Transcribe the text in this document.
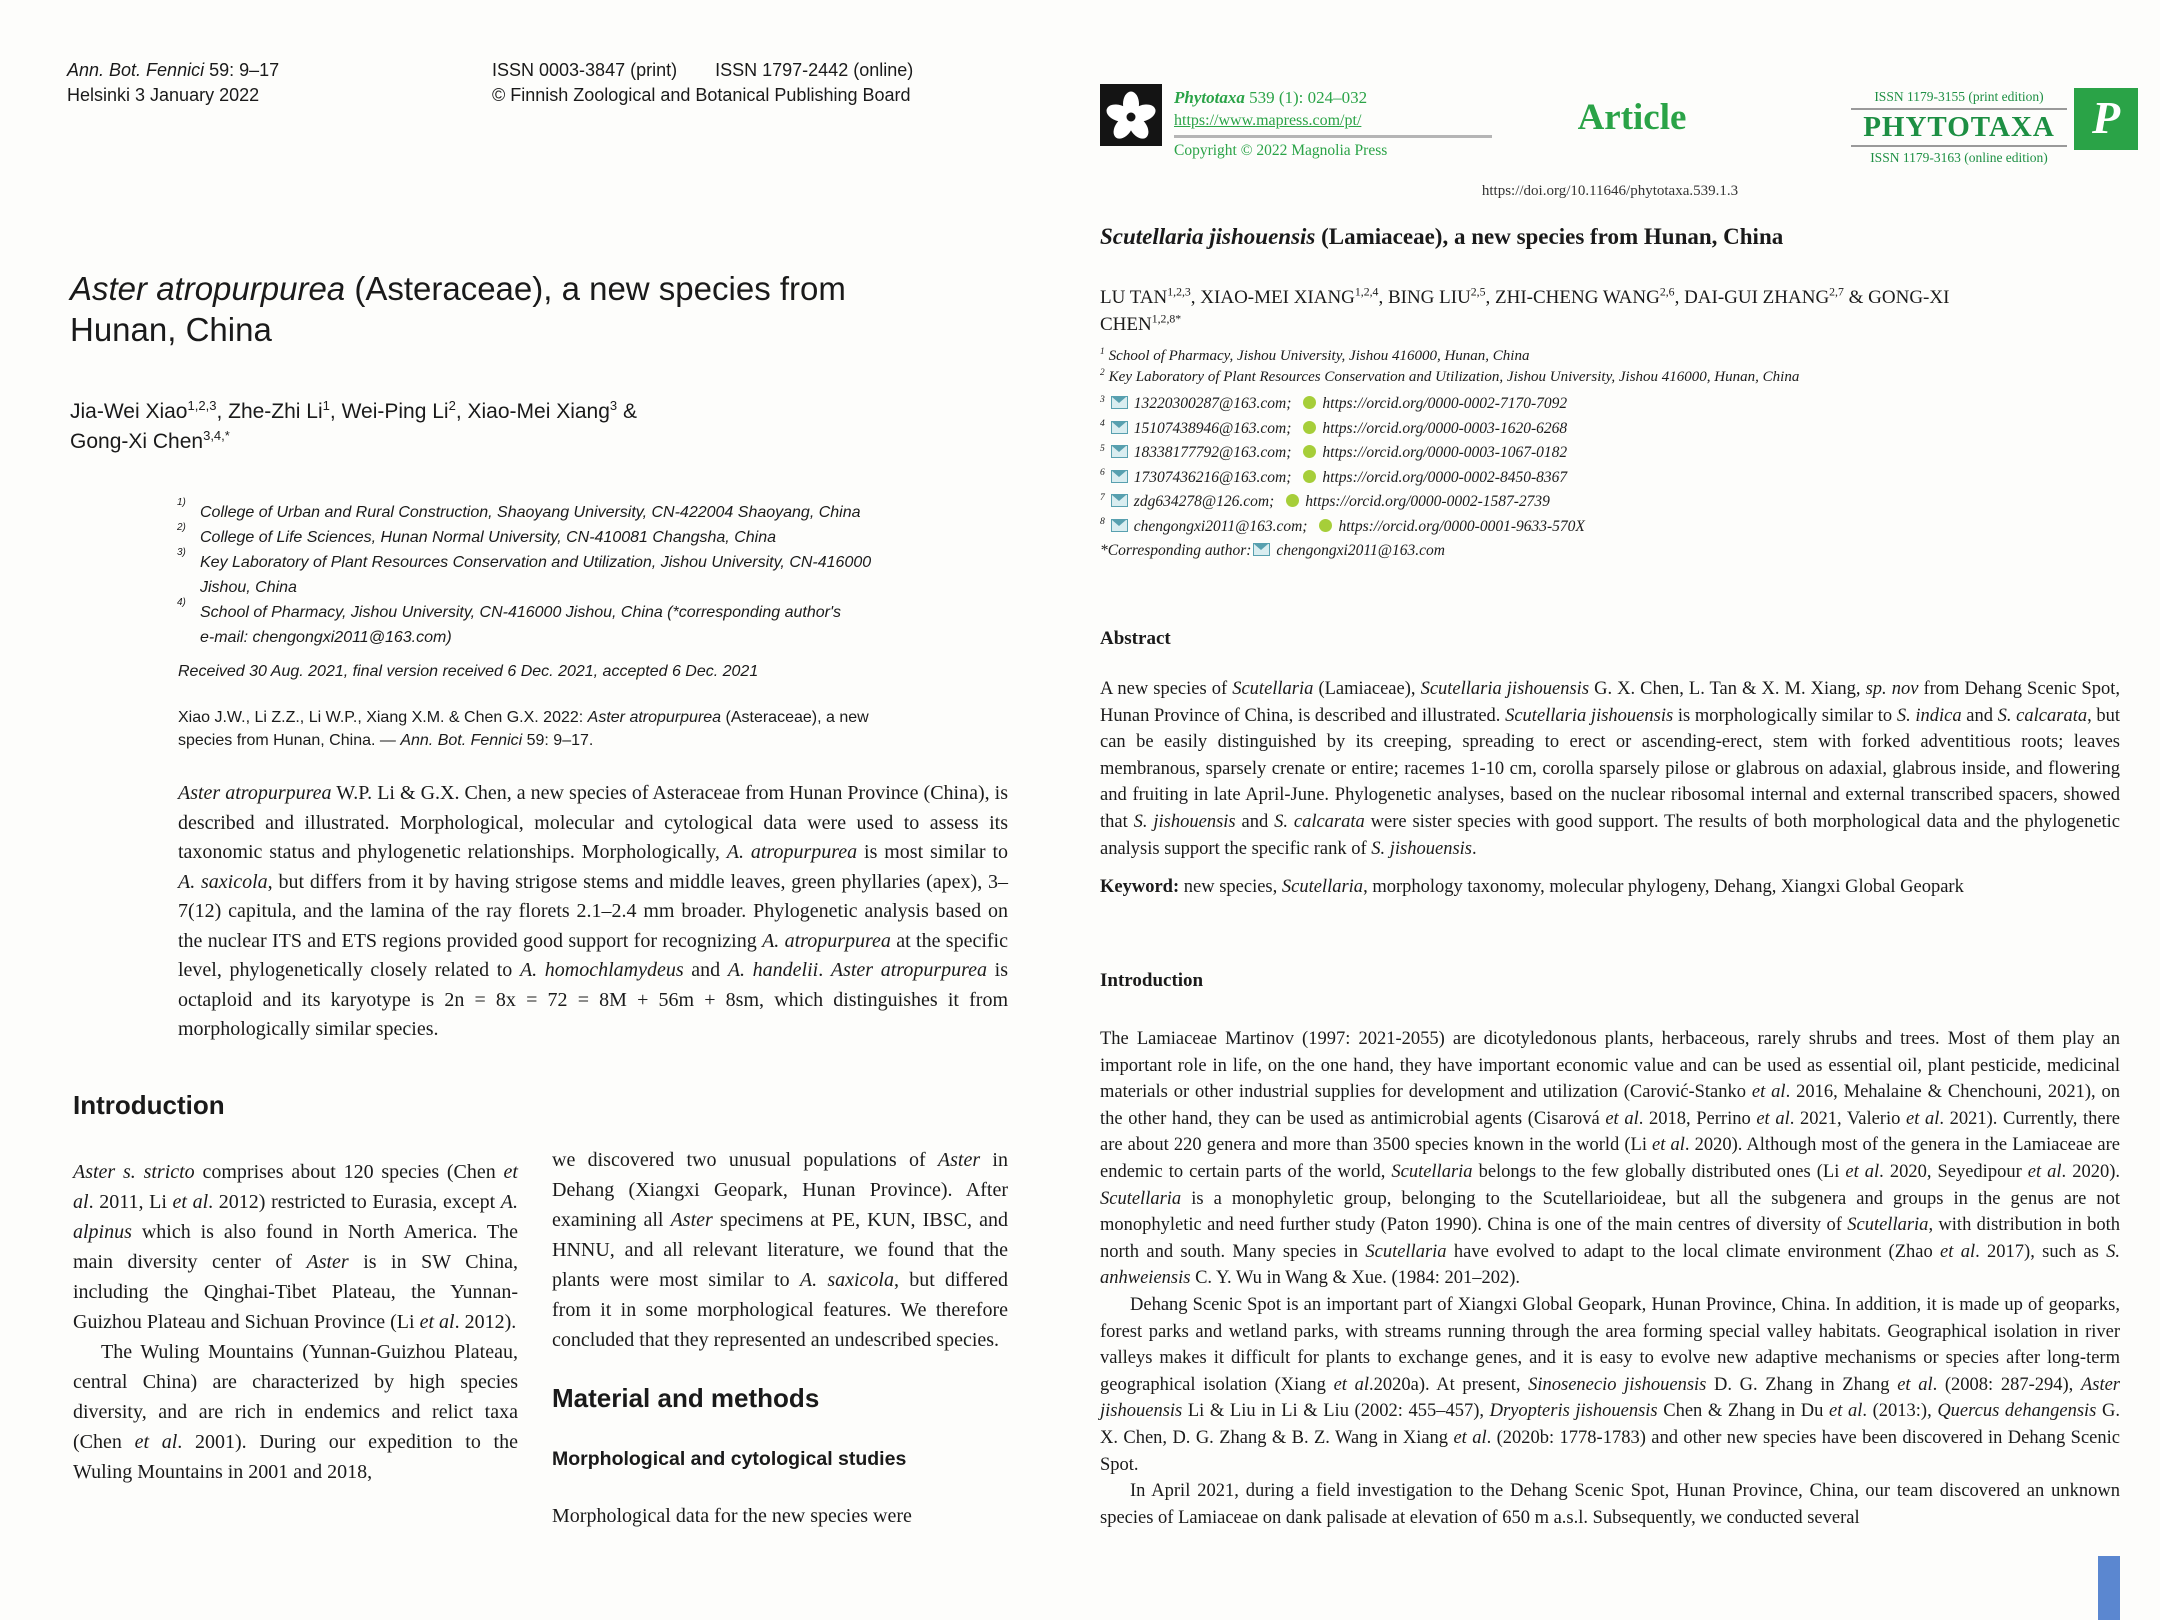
Ann. Bot. Fennici 59: 9–17
Helsinki 3 January 2022
ISSN 0003-3847 (print) ISSN 1797-2442 (online)
© Finnish Zoological and Botanical Publishing Board
Aster atropurpurea (Asteraceae), a new species from
Hunan, China
Jia-Wei Xiao$^{1,2,3}$, Zhe-Zhi Li$^1$, Wei-Ping Li$^2$, Xiao-Mei Xiang$^3$ &
Gong-Xi Chen$^{3,4,*}$
1)
College of Urban and Rural Construction, Shaoyang University, CN-422004 Shaoyang, China
2)
College of Life Sciences, Hunan Normal University, CN-410081 Changsha, China
3)
Key Laboratory of Plant Resources Conservation and Utilization, Jishou University, CN-416000
Jishou, China
4)
School of Pharmacy, Jishou University, CN-416000 Jishou, China (*corresponding author's
e-mail: chengongxi2011@163.com)
Received 30 Aug. 2021, final version received 6 Dec. 2021, accepted 6 Dec. 2021
Xiao J.W., Li Z.Z., Li W.P., Xiang X.M. & Chen G.X. 2022: Aster atropurpurea (Asteraceae), a new
species from Hunan, China. — Ann. Bot. Fennici 59: 9–17.
Aster atropurpurea W.P. Li & G.X. Chen, a new species of Asteraceae from Hunan Province (China), is described and illustrated. Morphological, molecular and cytological data were used to assess its taxonomic status and phylogenetic relationships. Morphologically, A. atropurpurea is most similar to A. saxicola, but differs from it by having strigose stems and middle leaves, green phyllaries (apex), 3–7(12) capitula, and the lamina of the ray florets 2.1–2.4 mm broader. Phylogenetic analysis based on the nuclear ITS and ETS regions provided good support for recognizing A. atropurpurea at the specific level, phylogenetically closely related to A. homochlamydeus and A. handelii. Aster atropurpurea is octaploid and its karyotype is 2n = 8x = 72 = 8M + 56m + 8sm, which distinguishes it from morphologically similar species.
Introduction

Aster s. stricto comprises about 120 species (Chen et al. 2011, Li et al. 2012) restricted to Eurasia, except A. alpinus which is also found in North America. The main diversity center of Aster is in SW China, including the Qinghai-Tibet Plateau, the Yunnan-Guizhou Plateau and Sichuan Province (Li et al. 2012).

The Wuling Mountains (Yunnan-Guizhou Plateau, central China) are characterized by high species diversity, and are rich in endemics and relict taxa (Chen et al. 2001). During our expedition to the Wuling Mountains in 2001 and 2018,

we discovered two unusual populations of Aster in Dehang (Xiangxi Geopark, Hunan Province). After examining all Aster specimens at PE, KUN, IBSC, and HNNU, and all relevant literature, we found that the plants were most similar to A. saxicola, but differed from it in some morphological features. We therefore concluded that they represented an undescribed species.

Material and methods
Morphological and cytological studies

Morphological data for the new species were

Phytotaxa 539 (1): 024–032
https://www.mapress.com/pt/
Copyright © 2022 Magnolia Press
Article
ISSN 1179-3155 (print edition)
PHYTOTAXA
ISSN 1179-3163 (online edition)
P
https://doi.org/10.11646/phytotaxa.539.1.3
Scutellaria jishouensis (Lamiaceae), a new species from Hunan, China
LU TAN$^{1,2,3}$, XIAO-MEI XIANG$^{1,2,4}$, BING LIU$^{2,5}$, ZHI-CHENG WANG$^{2,6}$, DAI-GUI ZHANG$^{2,7}$ & GONG-XI
$CHEN^{1,2,8*}$
$^1$ School of Pharmacy, Jishou University, Jishou 416000, Hunan, China
$^2$ Key Laboratory of Plant Resources Conservation and Utilization, Jishou University, Jishou 416000, Hunan, China
$^3$ 13220300287@163.com; https://orcid.org/0000-0002-7170-7092
$^4$ 15107438946@163.com; https://orcid.org/0000-0003-1620-6268
$^5$ 18338177792@163.com; https://orcid.org/0000-0003-1067-0182
$^6$ 17307436216@163.com; https://orcid.org/0000-0002-8450-8367
$^7$ zdg634278@126.com; https://orcid.org/0000-0002-1587-2739
$^8$ chengongxi2011@163.com; https://orcid.org/0000-0001-9633-570X
*Corresponding author: chengongxi2011@163.com
Abstract
A new species of Scutellaria (Lamiaceae), Scutellaria jishouensis G. X. Chen, L. Tan & X. M. Xiang, sp. nov from Dehang Scenic Spot, Hunan Province of China, is described and illustrated. Scutellaria jishouensis is morphologically similar to S. indica and S. calcarata, but can be easily distinguished by its creeping, spreading to erect or ascending-erect, stem with forked adventitious roots; leaves membranous, sparsely crenate or entire; racemes 1-10 cm, corolla sparsely pilose or glabrous on adaxial, glabrous inside, and flowering and fruiting in late April-June. Phylogenetic analyses, based on the nuclear ribosomal internal and external transcribed spacers, showed that S. jishouensis and S. calcarata were sister species with good support. The results of both morphological data and the phylogenetic analysis support the specific rank of S. jishouensis.
Keyword: new species, Scutellaria, morphology taxonomy, molecular phylogeny, Dehang, Xiangxi Global Geopark
Introduction

The Lamiaceae Martinov (1997: 2021-2055) are dicotyledonous plants, herbaceous, rarely shrubs and trees. Most of them play an important role in life, on the one hand, they have important economic value and can be used as essential oil, plant pesticide, medicinal materials or other industrial supplies for development and utilization (Carović-Stanko et al. 2016, Mehalaine & Chenchouni, 2021), on the other hand, they can be used as antimicrobial agents (Cisarová et al. 2018, Perrino et al. 2021, Valerio et al. 2021). Currently, there are about 220 genera and more than 3500 species known in the world (Li et al. 2020). Although most of the genera in the Lamiaceae are endemic to certain parts of the world, Scutellaria belongs to the few globally distributed ones (Li et al. 2020, Seyedipour et al. 2020). Scutellaria is a monophyletic group, belonging to the Scutellarioideae, but all the subgenera and groups in the genus are not monophyletic and need further study (Paton 1990). China is one of the main centres of diversity of Scutellaria, with distribution in both north and south. Many species in Scutellaria have evolved to adapt to the local climate environment (Zhao et al. 2017), such as S. anhweiensis C. Y. Wu in Wang & Xue. (1984: 201–202).

Dehang Scenic Spot is an important part of Xiangxi Global Geopark, Hunan Province, China. In addition, it is made up of geoparks, forest parks and wetland parks, with streams running through the area forming special valley habitats. Geographical isolation in river valleys makes it difficult for plants to exchange genes, and it is easy to evolve new adaptive mechanisms or species after long-term geographical isolation (Xiang et al.2020a). At present, Sinosenecio jishouensis D. G. Zhang in Zhang et al. (2008: 287-294), Aster jishouensis Li & Liu in Li & Liu (2002: 455–457), Dryopteris jishouensis Chen & Zhang in Du et al. (2013:), Quercus dehangensis G. X. Chen, D. G. Zhang & B. Z. Wang in Xiang et al. (2020b: 1778-1783) and other new species have been discovered in Dehang Scenic Spot.

In April 2021, during a field investigation to the Dehang Scenic Spot, Hunan Province, China, our team discovered an unknown species of Lamiaceae on dank palisade at elevation of 650 m a.s.l. Subsequently, we conducted several
